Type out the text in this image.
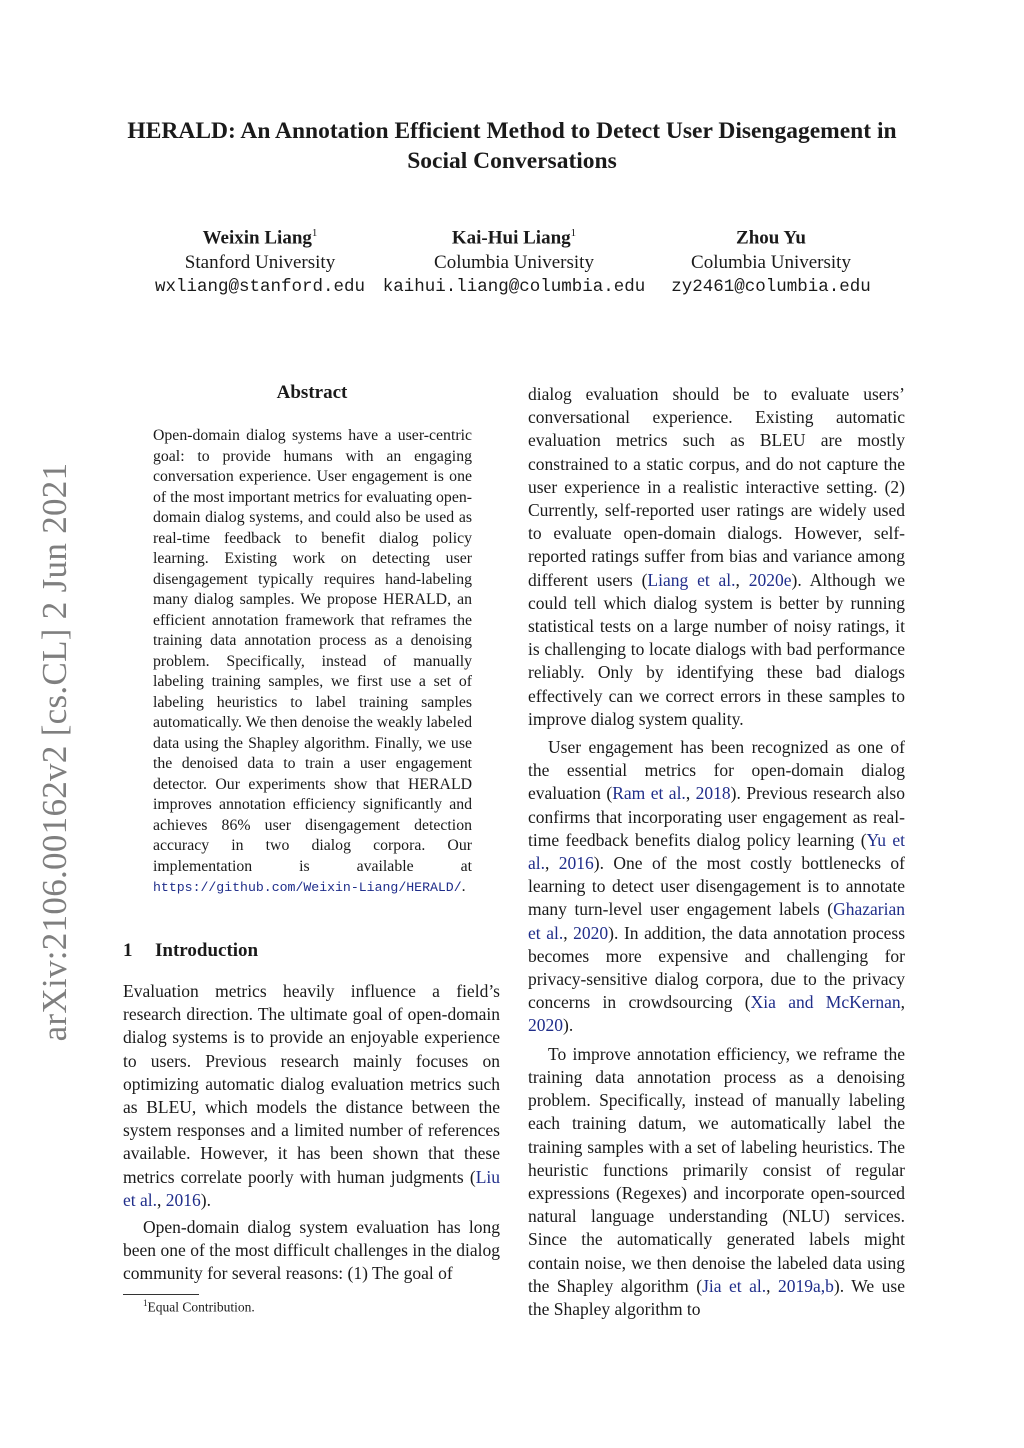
arXiv:2106.00162v2 [cs.CL] 2 Jun 2021
HERALD: An Annotation Efficient Method to Detect User Disengagement in Social Conversations
Weixin Liang$^1$
Stanford University
wxliang@stanford.edu
Kai-Hui Liang$^1$
Columbia University
kaihui.liang@columbia.edu
Zhou Yu
Columbia University
zy2461@columbia.edu
Abstract

Open-domain dialog systems have a user-centric goal: to provide humans with an engaging conversation experience. User engagement is one of the most important metrics for evaluating open-domain dialog systems, and could also be used as real-time feedback to benefit dialog policy learning. Existing work on detecting user disengagement typically requires hand-labeling many dialog samples. We propose HERALD, an efficient annotation framework that reframes the training data annotation process as a denoising problem. Specifically, instead of manually labeling training samples, we first use a set of labeling heuristics to label training samples automatically. We then denoise the weakly labeled data using the Shapley algorithm. Finally, we use the denoised data to train a user engagement detector. Our experiments show that HERALD improves annotation efficiency significantly and achieves 86% user disengagement detection accuracy in two dialog corpora. Our implementation is available at https://github.com/Weixin-Liang/HERALD/.

1 Introduction

Evaluation metrics heavily influence a field’s research direction. The ultimate goal of open-domain dialog systems is to provide an enjoyable experience to users. Previous research mainly focuses on optimizing automatic dialog evaluation metrics such as BLEU, which models the distance between the system responses and a limited number of references available. However, it has been shown that these metrics correlate poorly with human judgments (Liu et al., 2016).

Open-domain dialog system evaluation has long been one of the most difficult challenges in the dialog community for several reasons: (1) The goal of

dialog evaluation should be to evaluate users’ conversational experience. Existing automatic evaluation metrics such as BLEU are mostly constrained to a static corpus, and do not capture the user experience in a realistic interactive setting. (2) Currently, self-reported user ratings are widely used to evaluate open-domain dialogs. However, self-reported ratings suffer from bias and variance among different users (Liang et al., 2020e). Although we could tell which dialog system is better by running statistical tests on a large number of noisy ratings, it is challenging to locate dialogs with bad performance reliably. Only by identifying these bad dialogs effectively can we correct errors in these samples to improve dialog system quality.

User engagement has been recognized as one of the essential metrics for open-domain dialog evaluation (Ram et al., 2018). Previous research also confirms that incorporating user engagement as real-time feedback benefits dialog policy learning (Yu et al., 2016). One of the most costly bottlenecks of learning to detect user disengagement is to annotate many turn-level user engagement labels (Ghazarian et al., 2020). In addition, the data annotation process becomes more expensive and challenging for privacy-sensitive dialog corpora, due to the privacy concerns in crowdsourcing (Xia and McKernan, 2020).

To improve annotation efficiency, we reframe the training data annotation process as a denoising problem. Specifically, instead of manually labeling each training datum, we automatically label the training samples with a set of labeling heuristics. The heuristic functions primarily consist of regular expressions (Regexes) and incorporate open-sourced natural language understanding (NLU) services. Since the automatically generated labels might contain noise, we then denoise the labeled data using the Shapley algorithm (Jia et al., 2019a,b). We use the Shapley algorithm to

$^1$Equal Contribution.
